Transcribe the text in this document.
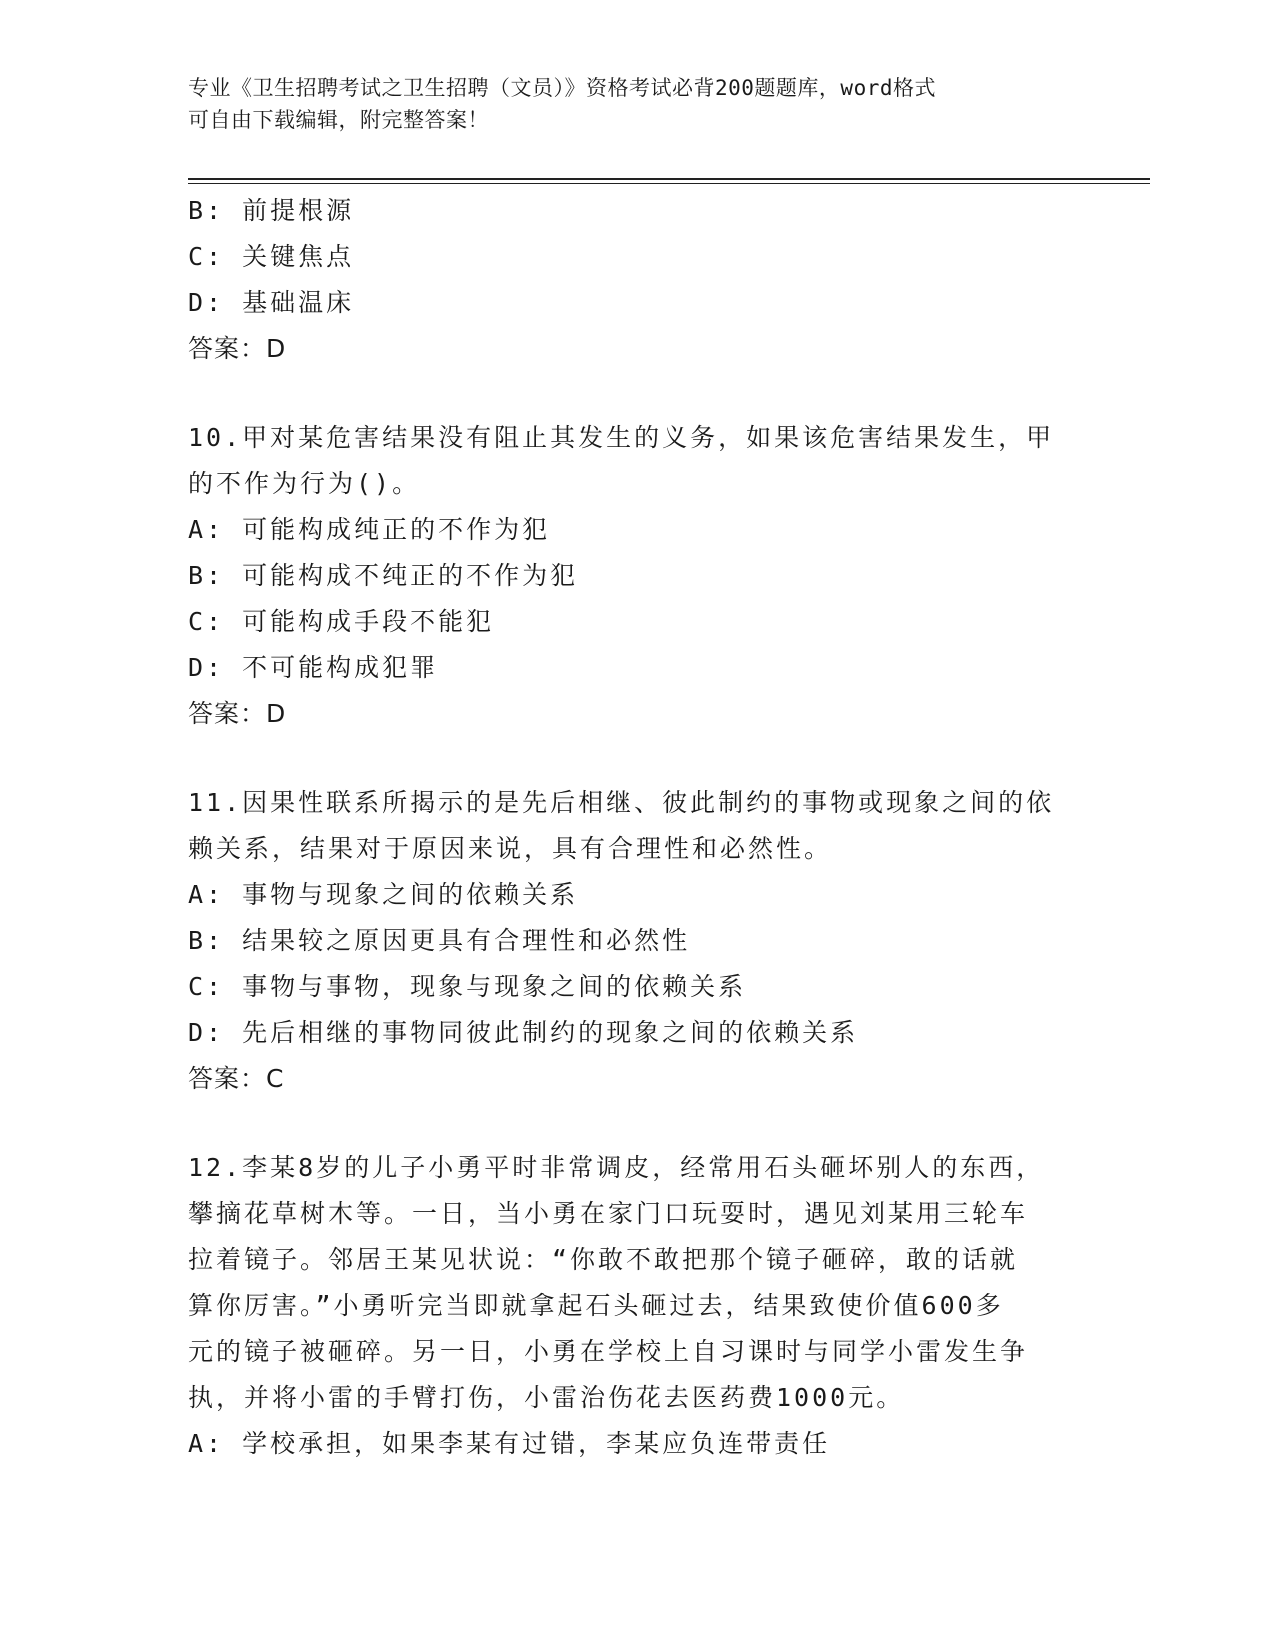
专业《卫生招聘考试之卫生招聘（文员）》资格考试必背200题题库，word格式
可自由下载编辑，附完整答案！
B: 前提根源
C: 关键焦点
D: 基础温床
答案：D
10.甲对某危害结果没有阻止其发生的义务，如果该危害结果发生，甲
的不作为行为()。
A: 可能构成纯正的不作为犯
B: 可能构成不纯正的不作为犯
C: 可能构成手段不能犯
D: 不可能构成犯罪
答案：D
11.因果性联系所揭示的是先后相继、彼此制约的事物或现象之间的依
赖关系，结果对于原因来说，具有合理性和必然性。
A: 事物与现象之间的依赖关系
B: 结果较之原因更具有合理性和必然性
C: 事物与事物，现象与现象之间的依赖关系
D: 先后相继的事物同彼此制约的现象之间的依赖关系
答案：C
12.李某8岁的儿子小勇平时非常调皮，经常用石头砸坏别人的东西，
攀摘花草树木等。一日，当小勇在家门口玩耍时，遇见刘某用三轮车
拉着镜子。邻居王某见状说：“你敢不敢把那个镜子砸碎，敢的话就
算你厉害。”小勇听完当即就拿起石头砸过去，结果致使价值600多
元的镜子被砸碎。另一日，小勇在学校上自习课时与同学小雷发生争
执，并将小雷的手臂打伤，小雷治伤花去医药费1000元。
A: 学校承担，如果李某有过错，李某应负连带责任
